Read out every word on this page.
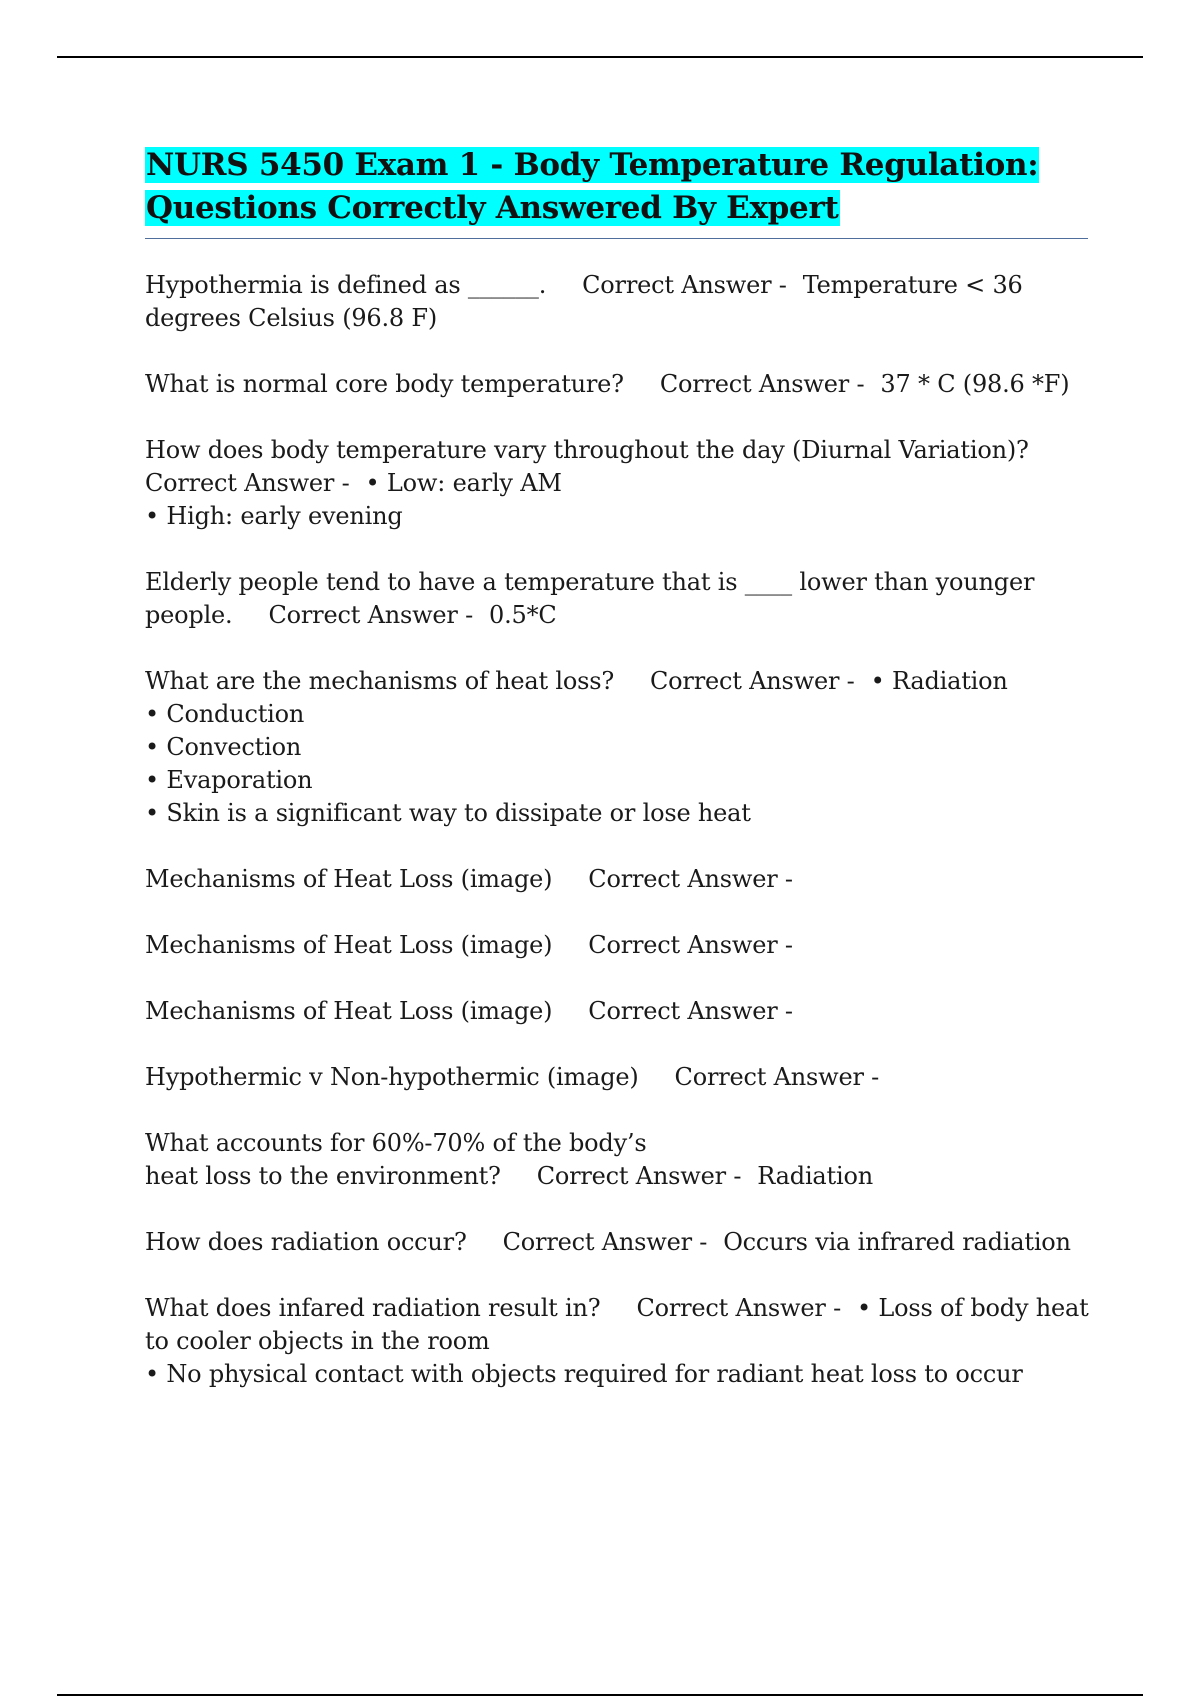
NURS 5450 Exam 1 - Body Temperature Regulation: Questions Correctly Answered By Expert
Hypothermia is defined as ______. Correct Answer - Temperature < 36 degrees Celsius (96.8 F)
What is normal core body temperature? Correct Answer - 37 * C (98.6 *F)
How does body temperature vary throughout the day (Diurnal Variation)?Correct Answer - • Low: early AM
• High: early evening
Elderly people tend to have a temperature that is ____ lower than younger people. Correct Answer - 0.5*C
What are the mechanisms of heat loss? Correct Answer - • Radiation
• Conduction
• Convection
• Evaporation
• Skin is a significant way to dissipate or lose heat
Mechanisms of Heat Loss (image) Correct Answer -
Mechanisms of Heat Loss (image) Correct Answer -
Mechanisms of Heat Loss (image) Correct Answer -
Hypothermic v Non-hypothermic (image) Correct Answer -
What accounts for 60%-70% of the body’s
heat loss to the environment? Correct Answer - Radiation
How does radiation occur? Correct Answer - Occurs via infrared radiation
What does infared radiation result in? Correct Answer - • Loss of body heat to cooler objects in the room
• No physical contact with objects required for radiant heat loss to occur
